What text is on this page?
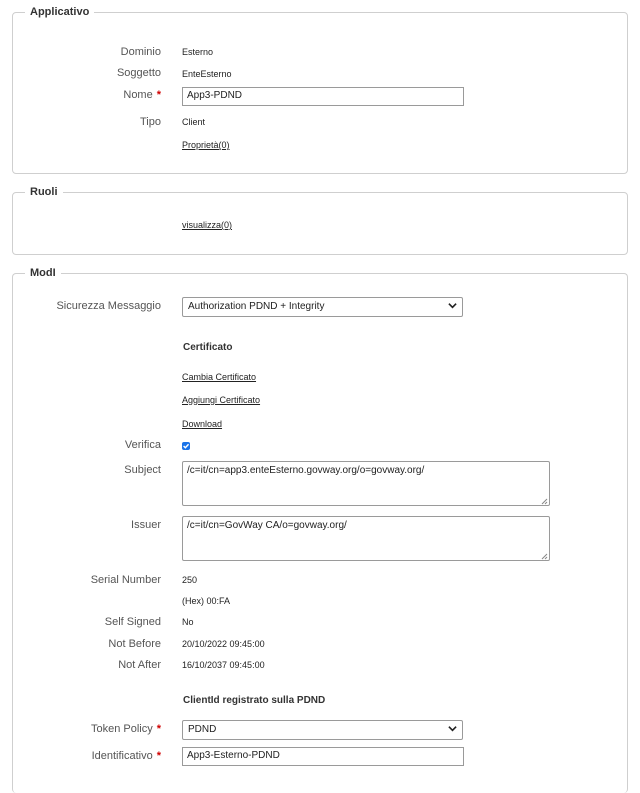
Applicativo
Dominio Esterno
Soggetto EnteEsterno
Nome *	App3-PDND
Tipo Client
Proprietà(0)
Ruoli
visualizza(0)
ModI
Sicurezza Messaggio	Authorization PDND + Integrity
Certificato
Cambia Certificato
Aggiungi Certificato
Download
Verifica
Subject	/c=it/cn=app3.enteEsterno.govway.org/o=govway.org/
Issuer	/c=it/cn=GovWay CA/o=govway.org/
Serial Number 250
(Hex) 00:FA
Self Signed No
Not Before 20/10/2022 09:45:00
Not After 16/10/2037 09:45:00
ClientId registrato sulla PDND
Token Policy *	PDND
Identificativo *	App3-Esterno-PDND
